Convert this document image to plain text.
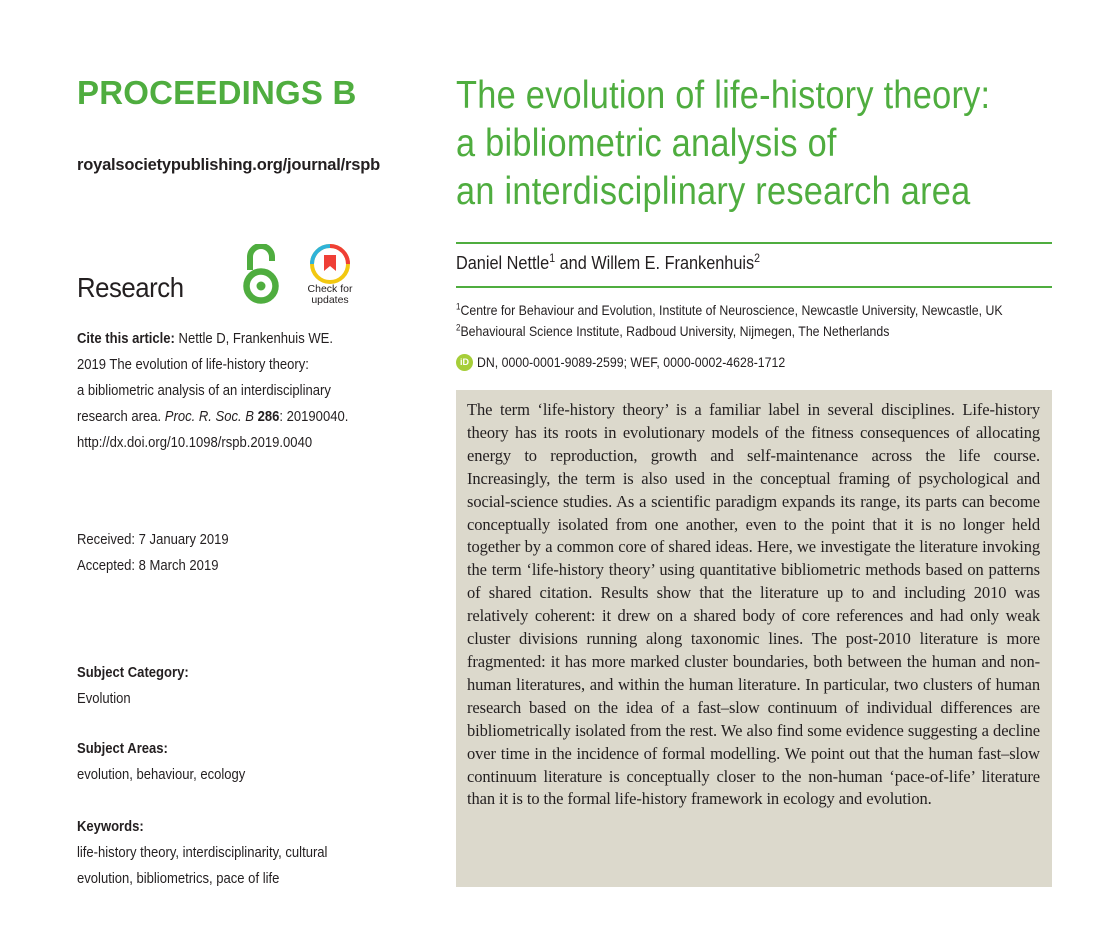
PROCEEDINGS B
royalsocietypublishing.org/journal/rspb
Research	Check for
updates
Cite this article: Nettle D, Frankenhuis WE.
2019 The evolution of life-history theory:
a bibliometric analysis of an interdisciplinary
research area. Proc. R. Soc. B 286: 20190040.
http://dx.doi.org/10.1098/rspb.2019.0040
Received: 7 January 2019
Accepted: 8 March 2019
Subject Category:
Evolution
Subject Areas:
evolution, behaviour, ecology
Keywords:
life-history theory, interdisciplinarity, cultural
evolution, bibliometrics, pace of life
The evolution of life-history theory:
a bibliometric analysis of
an interdisciplinary research area
Daniel Nettle$^1$ and Willem E. Frankenhuis$^2$
$^1$Centre for Behaviour and Evolution, Institute of Neuroscience, Newcastle University, Newcastle, UK
$^2$Behavioural Science Institute, Radboud University, Nijmegen, The Netherlands
iD DN, 0000-0001-9089-2599; WEF, 0000-0002-4628-1712
The term ‘life-history theory’ is a familiar label in several disciplines. Life-history theory has its roots in evolutionary models of the fitness consequences of allocating energy to reproduction, growth and self-maintenance across the life course. Increasingly, the term is also used in the conceptual framing of psychological and social-science studies. As a scientific paradigm expands its range, its parts can become conceptually isolated from one another, even to the point that it is no longer held together by a common core of shared ideas. Here, we investigate the literature invoking the term ‘life-history theory’ using quantitative bibliometric methods based on patterns of shared citation. Results show that the literature up to and including 2010 was relatively coherent: it drew on a shared body of core references and had only weak cluster divisions running along taxonomic lines. The post-2010 literature is more fragmented: it has more marked cluster boundaries, both between the human and non-human literatures, and within the human literature. In particular, two clusters of human research based on the idea of a fast–slow continuum of individual differences are bibliometrically isolated from the rest. We also find some evidence suggesting a decline over time in the incidence of formal modelling. We point out that the human fast–slow continuum literature is conceptually closer to the non-human ‘pace-of-life’ literature than it is to the formal life-history framework in ecology and evolution.
